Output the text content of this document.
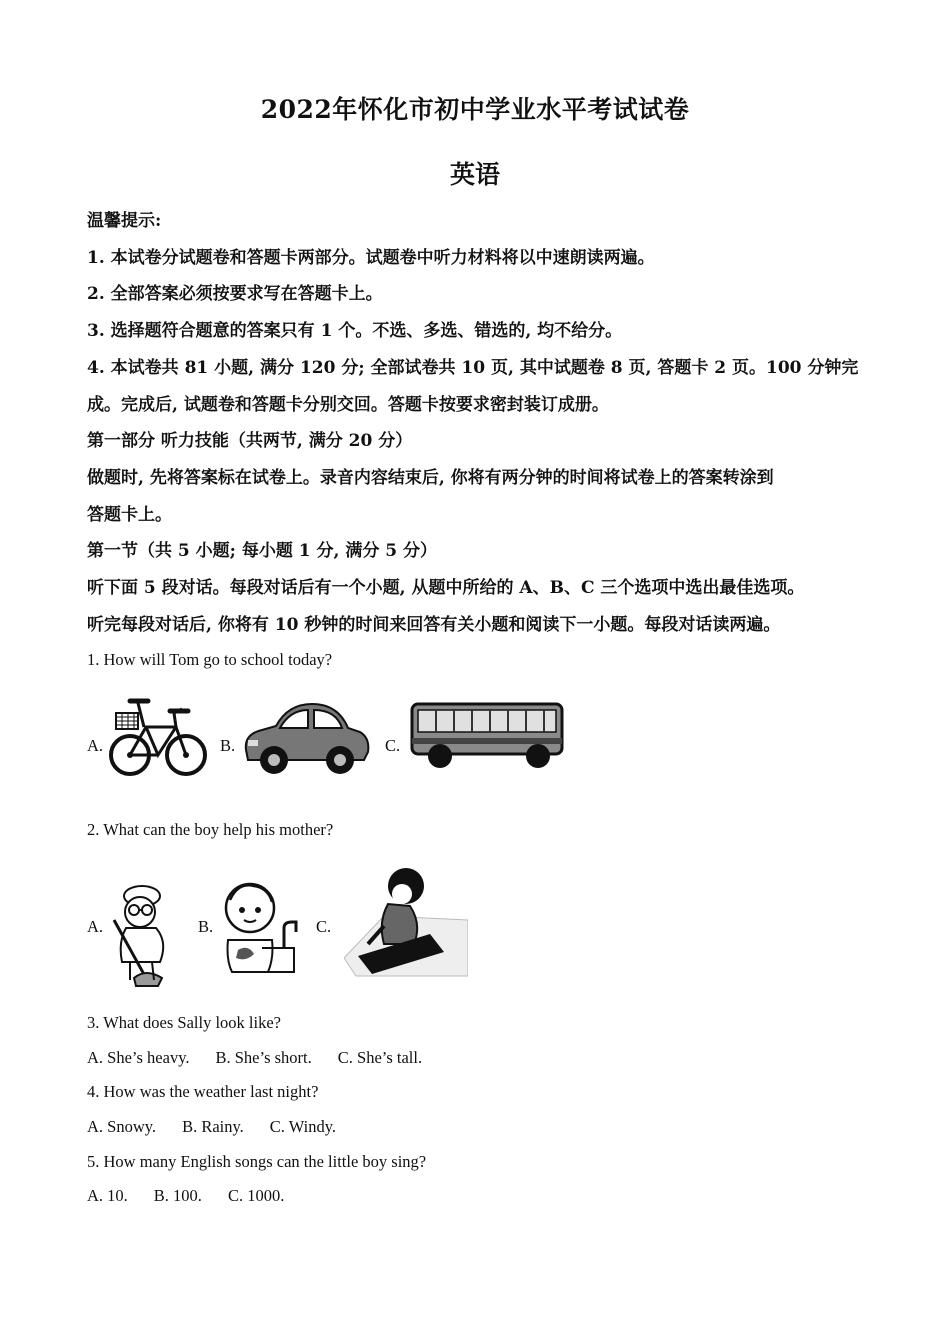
2022年怀化市初中学业水平考试试卷
英语
温馨提示:
1. 本试卷分试题卷和答题卡两部分。试题卷中听力材料将以中速朗读两遍。
2. 全部答案必须按要求写在答题卡上。
3. 选择题符合题意的答案只有 1 个。不选、多选、错选的, 均不给分。
4. 本试卷共 81 小题, 满分 120 分; 全部试卷共 10 页, 其中试题卷 8 页, 答题卡 2 页。100 分钟完
成。完成后, 试题卷和答题卡分别交回。答题卡按要求密封装订成册。
第一部分 听力技能（共两节, 满分 20 分）
做题时, 先将答案标在试卷上。录音内容结束后, 你将有两分钟的时间将试卷上的答案转涂到
答题卡上。
第一节（共 5 小题; 每小题 1 分, 满分 5 分）
听下面 5 段对话。每段对话后有一个小题, 从题中所给的 A、B、C 三个选项中选出最佳选项。
听完每段对话后, 你将有 10 秒钟的时间来回答有关小题和阅读下一小题。每段对话读两遍。
1. How will Tom go to school today?
A.	B.	C.
2. What can the boy help his mother?
A.	B.	C.
3. What does Sally look like?
A. She’s heavy. B. She’s short. C. She’s tall.
4. How was the weather last night?
A. Snowy. B. Rainy. C. Windy.
5. How many English songs can the little boy sing?
A. 10. B. 100. C. 1000.
